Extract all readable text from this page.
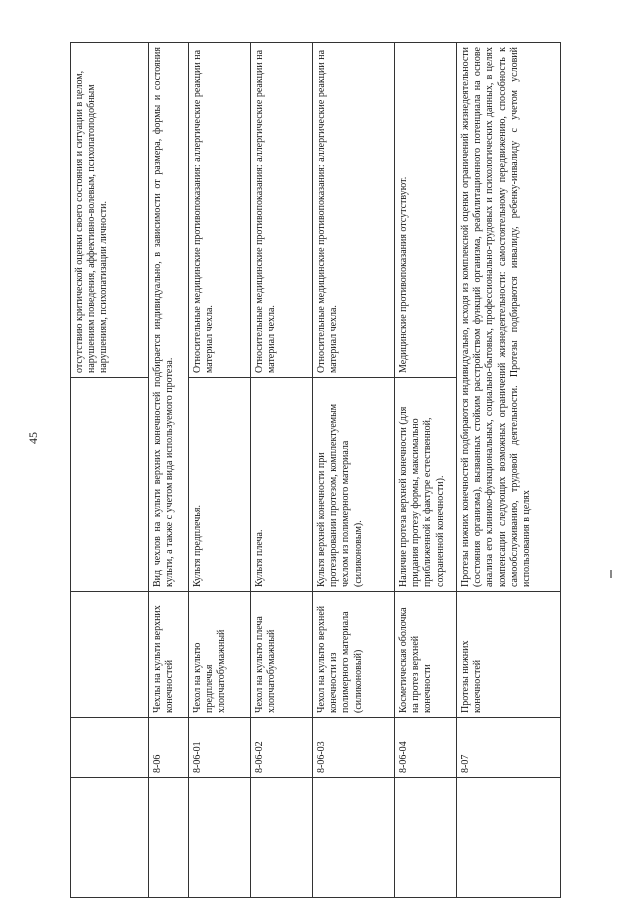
45
				отсутствию критической оценки своего состояния и ситуации в целом, нарушениям поведения, аффективно-волевым, психопатоподобным нарушениям, психопатизации личности.
	8-06	Чехлы на культи верхних конечностей	Вид чехлов на культи верхних конечностей подбирается индивидуально, в зависимости от размера, формы и состояния культи, а также с учетом вида используемого протеза.	
	8-06-01	Чехол на культю предплечья хлопчатобумажный	Культя предплечья.	Относительные медицинские противопоказания: аллергические реакции на материал чехла.
	8-06-02	Чехол на культю плеча хлопчатобумажный	Культя плеча.	Относительные медицинские противопоказания: аллергические реакции на материал чехла.
	8-06-03	Чехол на культю верхней конечности из полимерного материала (силиконовый)	Культя верхней конечности при протезировании протезом, комплектуемым чехлом из полимерного материала (силиконовым).	Относительные медицинские противопоказания: аллергические реакции на материал чехла.
	8-06-04	Косметическая оболочка на протез верхней конечности	Наличие протеза верхней конечности (для придания протезу формы, максимально приближенной к фактуре естественной, сохраненной конечности).	Медицинские противопоказания отсутствуют.
	8-07	Протезы нижних конечностей	Протезы нижних конечностей подбираются индивидуально, исходя из комплексной оценки ограничений жизнедеятельности (состояния организма), вызванных стойким расстройством функций организма, реабилитационного потенциала на основе анализа его клинико-функциональных, социально-бытовых, профессионально-трудовых и психологических данных, в целях компенсации следующих возможных ограничений жизнедеятельности: самостоятельному передвижению, способность к самообслуживанию, трудовой деятельности. Протезы подбираются инвалиду, ребенку-инвалиду с учетом условий использования в целях	
